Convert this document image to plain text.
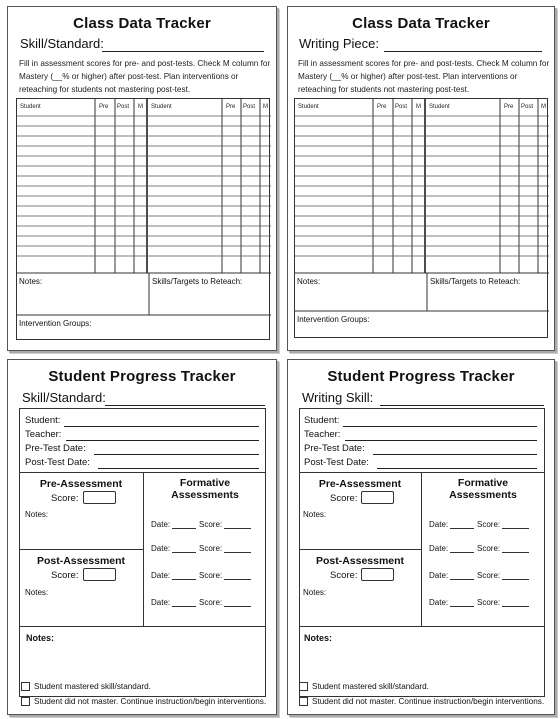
Class Data Tracker
Skill/Standard:
Fill in assessment scores for pre- and post-tests. Check M column for Mastery (__% or higher) after post-test. Plan interventions or reteaching for students not mastering post-test.
Student	Pre Post M Student	Pre Post M
Notes:	Skills/Targets to Reteach:
Intervention Groups:
Class Data Tracker
Writing Piece:
Fill in assessment scores for pre- and post-tests. Check M column for Mastery (__% or higher) after post-test. Plan interventions or reteaching for students not mastering post-test.
Student	Pre Post M Student	Pre Post M
Notes:	Skills/Targets to Reteach:
Intervention Groups:
Student Progress Tracker
Skill/Standard:
Student:
Teacher:
Pre-Test Date:
Post-Test Date:
Pre-Assessment
Score:
Notes:
Post-Assessment
Score:
Notes:
Formative
Assessments
Date:	Score:
Date:	Score:
Date:	Score:
Date:	Score:
Notes:
Student mastered skill/standard.
Student did not master. Continue instruction/begin interventions.
Student Progress Tracker
Writing Skill:
Student:
Teacher:
Pre-Test Date:
Post-Test Date:
Pre-Assessment
Score:
Notes:
Post-Assessment
Score:
Notes:
Formative
Assessments
Date:	Score:
Date:	Score:
Date:	Score:
Date:	Score:
Notes:
Student mastered skill/standard.
Student did not master. Continue instruction/begin interventions.
